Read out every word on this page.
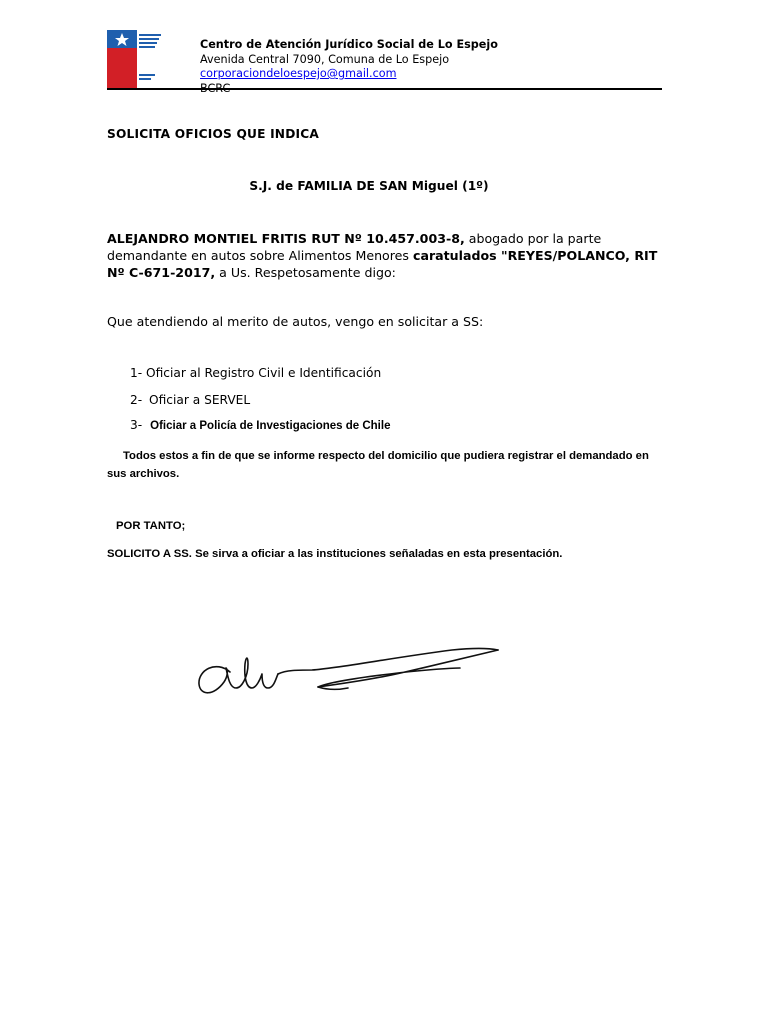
Centro de Atención Jurídico Social de Lo Espejo
Avenida Central 7090, Comuna de Lo Espejo
corporaciondeloespejo@gmail.com
BCRC
SOLICITA OFICIOS QUE INDICA
S.J. de FAMILIA DE SAN Miguel (1º)
ALEJANDRO MONTIEL FRITIS RUT Nº 10.457.003-8, abogado por la parte demandante en autos sobre Alimentos Menores caratulados "REYES/POLANCO, RIT Nº C-671-2017, a Us. Respetosamente digo:
Que atendiendo al merito de autos, vengo en solicitar a SS:
1- Oficiar al Registro Civil e Identificación
2- Oficiar a SERVEL
3- Oficiar a Policía de Investigaciones de Chile
Todos estos a fin de que se informe respecto del domicilio que pudiera registrar el demandado en sus archivos.
POR TANTO;
SOLICITO A SS. Se sirva a oficiar a las instituciones señaladas en esta presentación.
